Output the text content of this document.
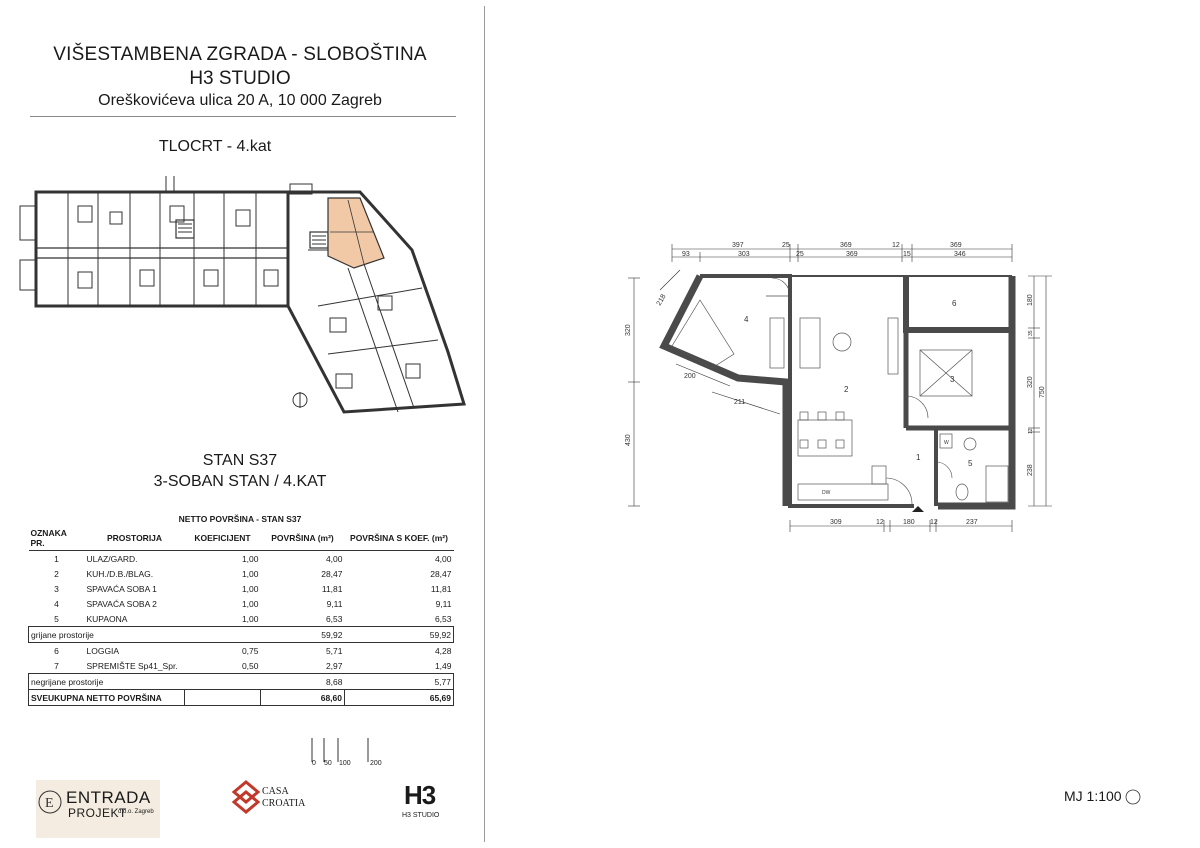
VIŠESTAMBENA ZGRADA - SLOBOŠTINA
H3 STUDIO
Oreškovićeva ulica 20 A, 10 000 Zagreb
TLOCRT - 4.kat
STAN S37
3-SOBAN STAN / 4.KAT
NETTO POVRŠINA - STAN S37
OZNAKA PR.	PROSTORIJA	KOEFICIJENT	POVRŠINA (m²)	POVRŠINA S KOEF. (m²)
1	ULAZ/GARD.	1,00	4,00	4,00
2	KUH./D.B./BLAG.	1,00	28,47	28,47
3	SPAVAĆA SOBA 1	1,00	11,81	11,81
4	SPAVAĆA SOBA 2	1,00	9,11	9,11
5	KUPAONA	1,00	6,53	6,53
grijane prostorije			59,92	59,92
6	LOGGIA	0,75	5,71	4,28
7	SPREMIŠTE Sp41_Spr.	0,50	2,97	1,49
negrijane prostorije			8,68	5,77
SVEUKUPNA NETTO POVRŠINA			68,60	65,69
0 50 100	200
E ENTRADA
PROJEKT
d.o.o. Zagreb
CASA
CROATIA	H3
H3 STUDIO
397	25	369	12	369
93	303	25	369	15	346
4
2
3
6
1
5
DW
W
309	12	180 12	237
320
430
218
200
211
180
35
320
750
12
238
MJ 1:100
